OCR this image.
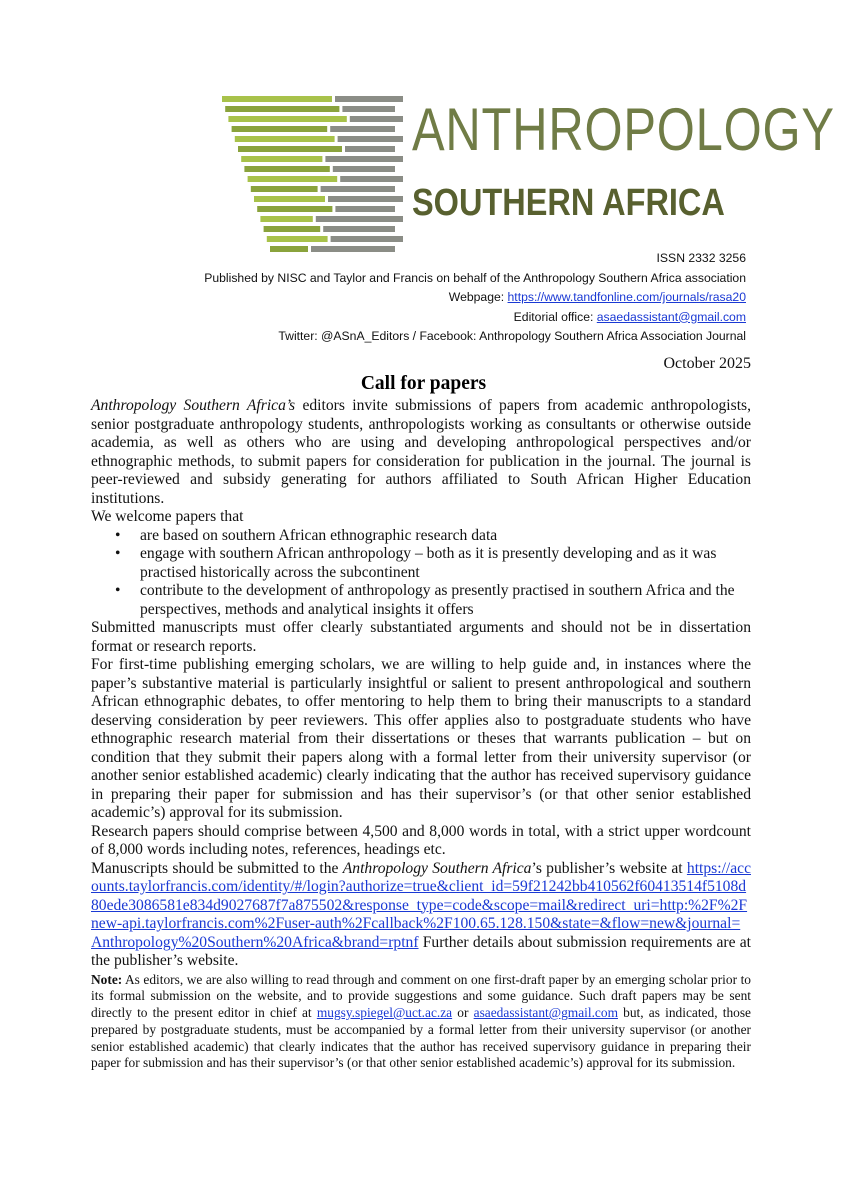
ANTHROPOLOGY
SOUTHERN AFRICA
ISSN 2332 3256
Published by NISC and Taylor and Francis on behalf of the Anthropology Southern Africa association
Webpage: https://www.tandfonline.com/journals/rasa20
Editorial office: asaedassistant@gmail.com
Twitter: @ASnA_Editors / Facebook: Anthropology Southern Africa Association Journal
October 2025
Call for papers

Anthropology Southern Africa’s editors invite submissions of papers from academic anthropologists, senior postgraduate anthropology students, anthropologists working as consultants or otherwise outside academia, as well as others who are using and developing anthropological perspectives and/or ethnographic methods, to submit papers for consideration for publication in the journal. The journal is peer-reviewed and subsidy generating for authors affiliated to South African Higher Education institutions.

We welcome papers that

• are based on southern African ethnographic research data
• engage with southern African anthropology – both as it is presently developing and as it was practised historically across the subcontinent
• contribute to the development of anthropology as presently practised in southern Africa and the perspectives, methods and analytical insights it offers

Submitted manuscripts must offer clearly substantiated arguments and should not be in dissertation format or research reports.

For first-time publishing emerging scholars, we are willing to help guide and, in instances where the paper’s substantive material is particularly insightful or salient to present anthropological and southern African ethnographic debates, to offer mentoring to help them to bring their manuscripts to a standard deserving consideration by peer reviewers. This offer applies also to postgraduate students who have ethnographic research material from their dissertations or theses that warrants publication – but on condition that they submit their papers along with a formal letter from their university supervisor (or another senior established academic) clearly indicating that the author has received supervisory guidance in preparing their paper for submission and has their supervisor’s (or that other senior established academic’s) approval for its submission.

Research papers should comprise between 4,500 and 8,000 words in total, with a strict upper wordcount of 8,000 words including notes, references, headings etc.

Manuscripts should be submitted to the Anthropology Southern Africa’s publisher’s website at https://accounts.taylorfrancis.com/identity/#/login?authorize=true&client_id=59f21242bb410562f60413514f5108d80ede3086581e834d9027687f7a875502&response_type=code&scope=mail&redirect_uri=http:%2F%2Fnew-api.taylorfrancis.com%2Fuser-auth%2Fcallback%2F100.65.128.150&state=&flow=new&journal=Anthropology%20Southern%20Africa&brand=rptnf Further details about submission requirements are at the publisher’s website.

Note: As editors, we are also willing to read through and comment on one first-draft paper by an emerging scholar prior to its formal submission on the website, and to provide suggestions and some guidance. Such draft papers may be sent directly to the present editor in chief at mugsy.spiegel@uct.ac.za or asaedassistant@gmail.com but, as indicated, those prepared by postgraduate students, must be accompanied by a formal letter from their university supervisor (or another senior established academic) that clearly indicates that the author has received supervisory guidance in preparing their paper for submission and has their supervisor’s (or that other senior established academic’s) approval for its submission.
